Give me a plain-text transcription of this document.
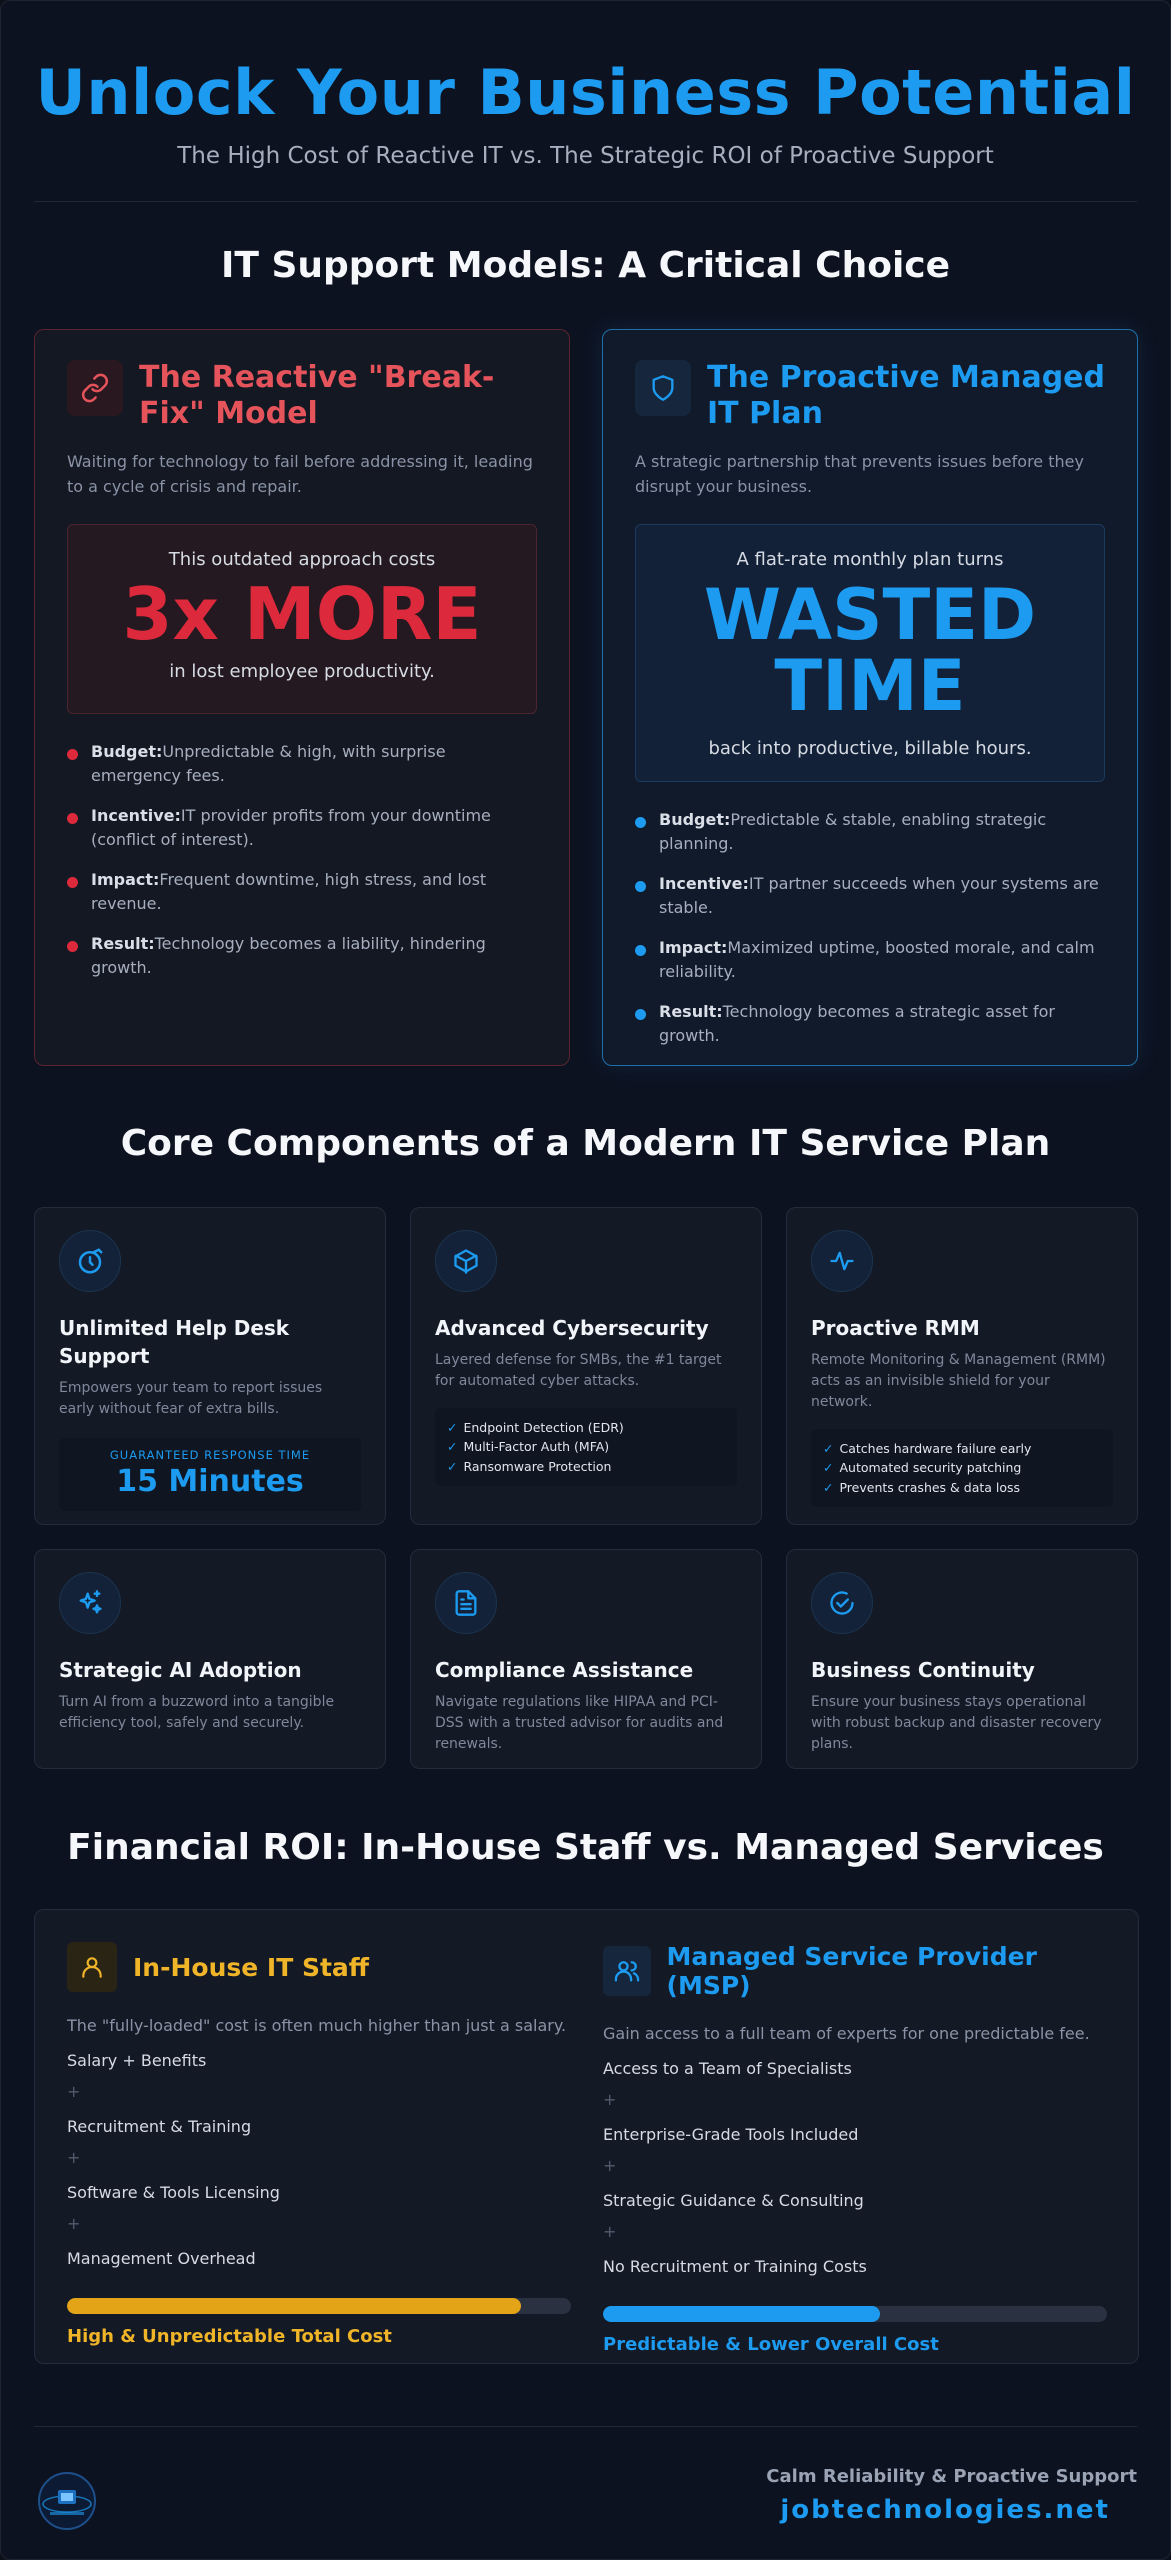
Unlock Your Business Potential
The High Cost of Reactive IT vs. The Strategic ROI of Proactive Support
IT Support Models: A Critical Choice
The Reactive "Break-Fix" Model
Waiting for technology to fail before addressing it, leading to a cycle of crisis and repair.
This outdated approach costs
3x MORE
in lost employee productivity.
Budget:Unpredictable & high, with surprise emergency fees.
Incentive:IT provider profits from your downtime (conflict of interest).
Impact:Frequent downtime, high stress, and lost revenue.
Result:Technology becomes a liability, hindering growth.
The Proactive Managed IT Plan
A strategic partnership that prevents issues before they disrupt your business.
A flat-rate monthly plan turns
WASTED
TIME
back into productive, billable hours.
Budget:Predictable & stable, enabling strategic planning.
Incentive:IT partner succeeds when your systems are stable.
Impact:Maximized uptime, boosted morale, and calm reliability.
Result:Technology becomes a strategic asset for growth.
Core Components of a Modern IT Service Plan
Unlimited Help Desk Support
Empowers your team to report issues early without fear of extra bills.
GUARANTEED RESPONSE TIME
15 Minutes
Advanced Cybersecurity
Layered defense for SMBs, the #1 target for automated cyber attacks.
✓ Endpoint Detection (EDR)
✓ Multi-Factor Auth (MFA)
✓ Ransomware Protection
Proactive RMM
Remote Monitoring & Management (RMM) acts as an invisible shield for your network.
✓ Catches hardware failure early
✓ Automated security patching
✓ Prevents crashes & data loss
Strategic AI Adoption
Turn AI from a buzzword into a tangible efficiency tool, safely and securely.
Compliance Assistance
Navigate regulations like HIPAA and PCI-DSS with a trusted advisor for audits and renewals.
Business Continuity
Ensure your business stays operational with robust backup and disaster recovery plans.
Financial ROI: In-House Staff vs. Managed Services
In-House IT Staff
The "fully-loaded" cost is often much higher than just a salary.
Salary + Benefits
+
Recruitment & Training
+
Software & Tools Licensing
+
Management Overhead
High & Unpredictable Total Cost
Managed Service Provider (MSP)
Gain access to a full team of experts for one predictable fee.
Access to a Team of Specialists
+
Enterprise-Grade Tools Included
+
Strategic Guidance & Consulting
+
No Recruitment or Training Costs
Predictable & Lower Overall Cost
Calm Reliability & Proactive Support
jobtechnologies.net
